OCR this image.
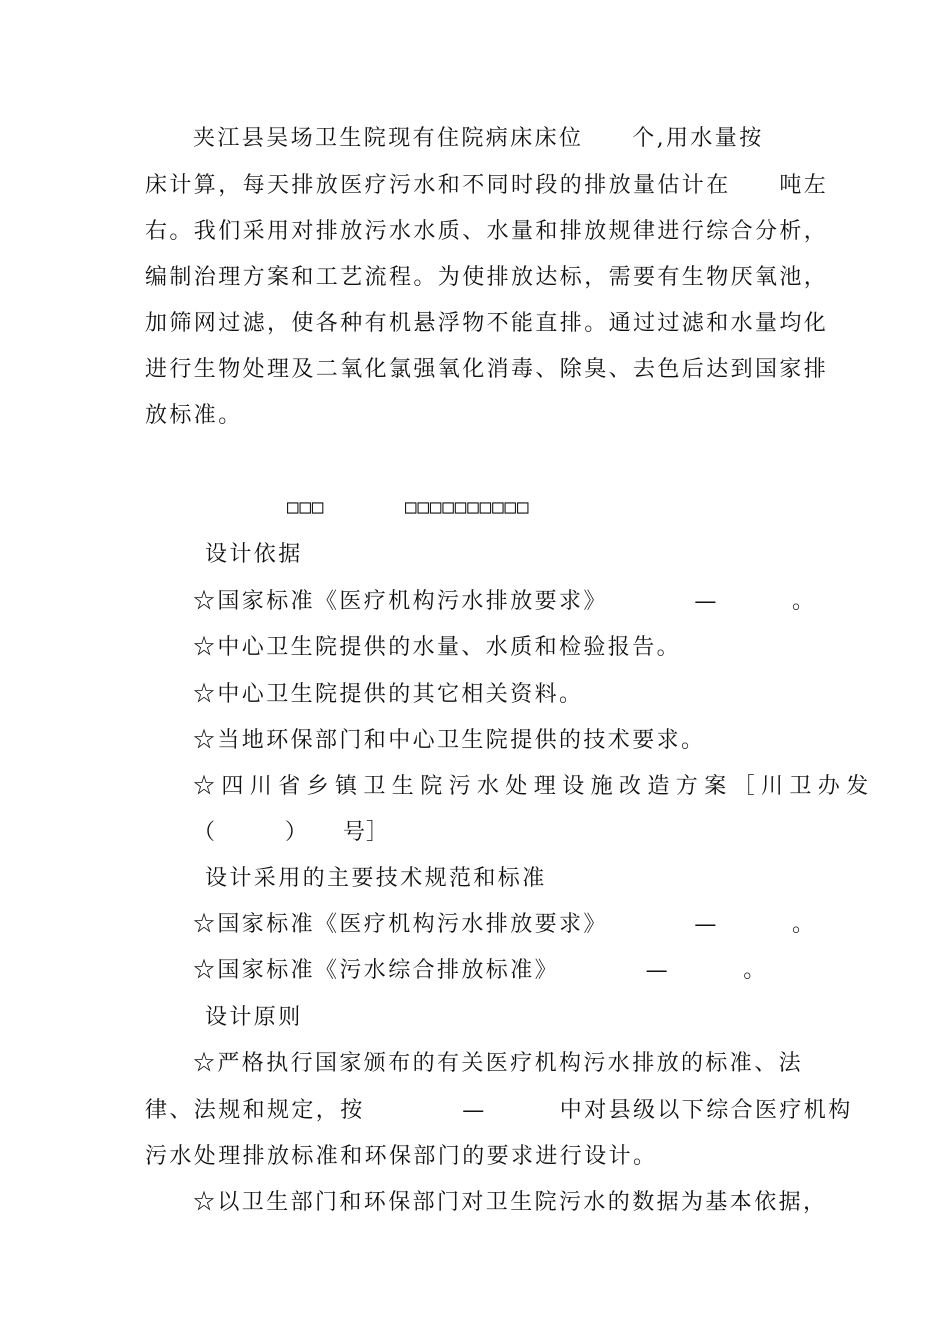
夹江县吴场卫生院现有住院病床床位　　个,用水量按
床计算，每天排放医疗污水和不同时段的排放量估计在　　吨左
右。我们采用对排放污水水质、水量和排放规律进行综合分析，
编制治理方案和工艺流程。为使排放达标，需要有生物厌氧池，
加筛网过滤，使各种有机悬浮物不能直排。通过过滤和水量均化
进行生物处理及二氧化氯强氧化消毒、除臭、去色后达到国家排
放标准。
□□□	□□□□□□□□□□
设计依据
☆国家标准《医疗机构污水排放要求》　　　　—　　　。
☆中心卫生院提供的水量、水质和检验报告。
☆中心卫生院提供的其它相关资料。
☆当地环保部门和中心卫生院提供的技术要求。
☆四川省乡镇卫生院污水处理设施改造方案［川卫办发
（　　　）　　号］
设计采用的主要技术规范和标准
☆国家标准《医疗机构污水排放要求》　　　　—　　　。
☆国家标准《污水综合排放标准》　　　　—　　　。
设计原则
☆严格执行国家颁布的有关医疗机构污水排放的标准、法
律、法规和规定，按　　　　—　　　中对县级以下综合医疗机构
污水处理排放标准和环保部门的要求进行设计。
☆以卫生部门和环保部门对卫生院污水的数据为基本依据，
